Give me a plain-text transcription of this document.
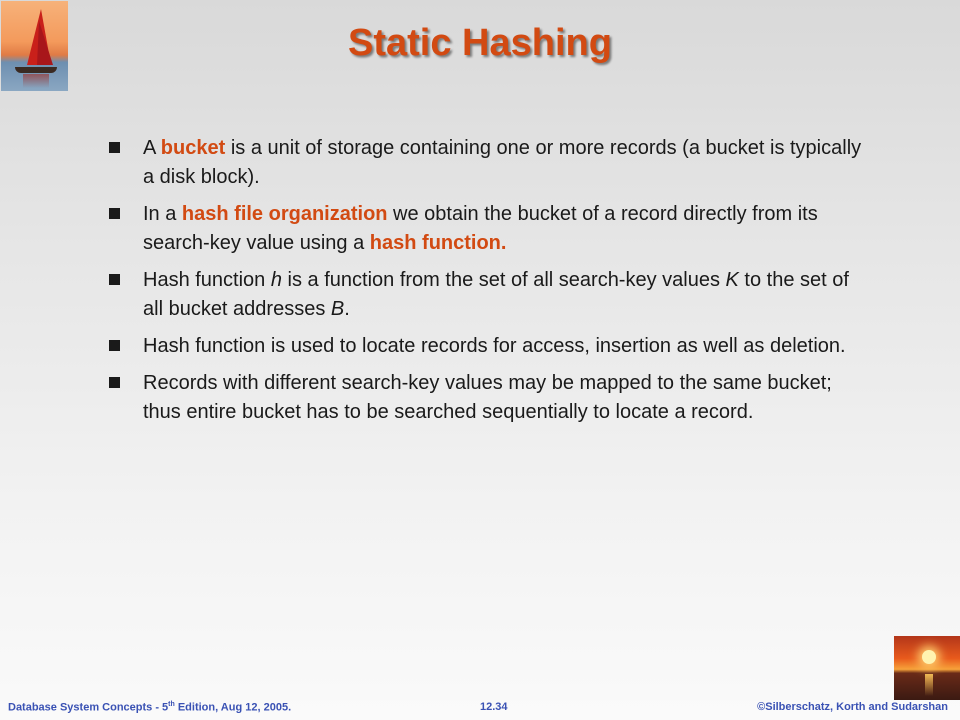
Static Hashing
A bucket is a unit of storage containing one or more records (a bucket is typically a disk block).
In a hash file organization we obtain the bucket of a record directly from its search-key value using a hash function.
Hash function h is a function from the set of all search-key values K to the set of all bucket addresses B.
Hash function is used to locate records for access, insertion as well as deletion.
Records with different search-key values may be mapped to the same bucket; thus entire bucket has to be searched sequentially to locate a record.
Database System Concepts - 5th Edition, Aug 12, 2005.	12.34	©Silberschatz, Korth and Sudarshan
